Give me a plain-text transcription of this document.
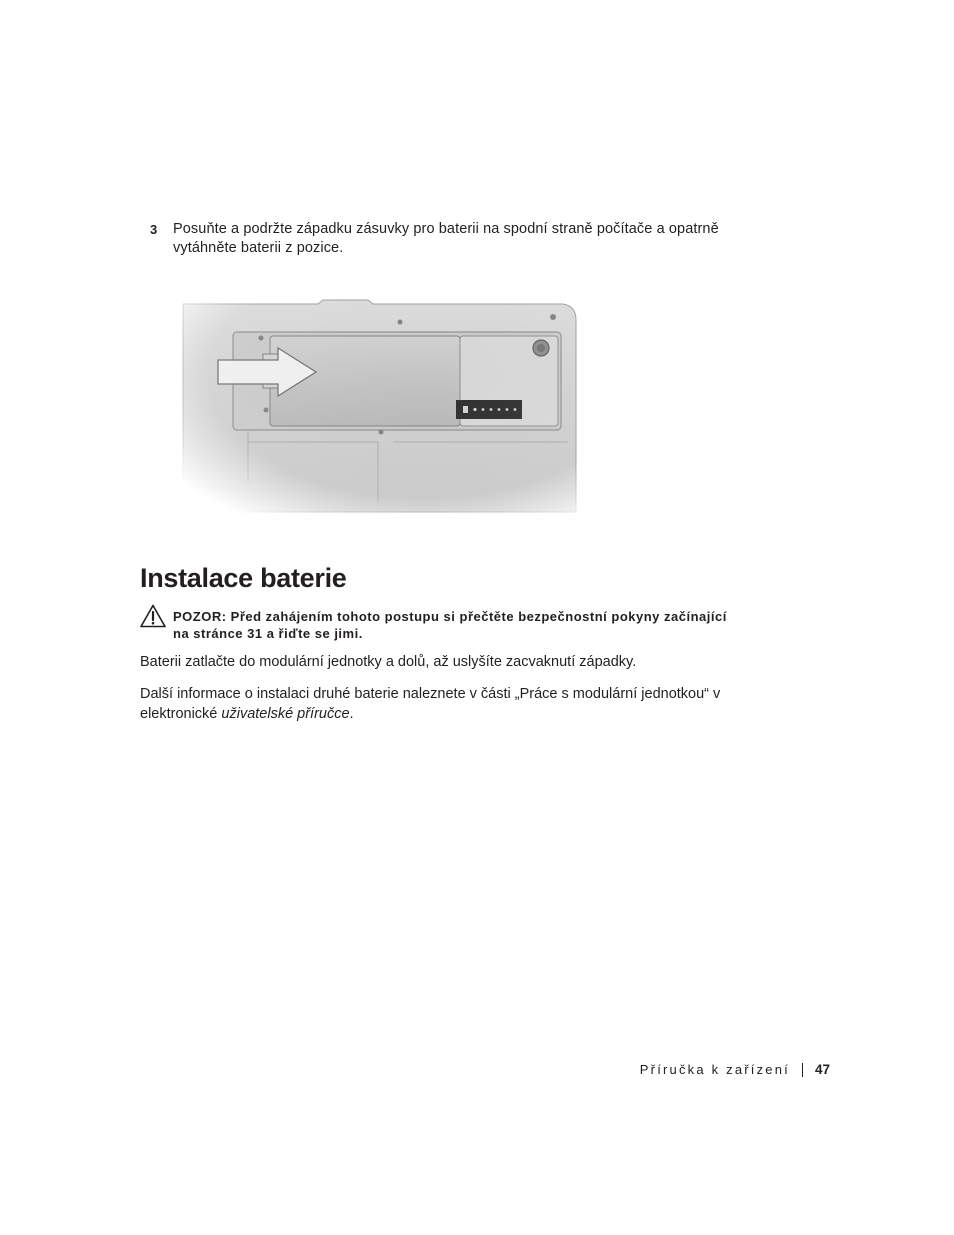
3 Posuňte a podržte západku zásuvky pro baterii na spodní straně počítače a opatrně vytáhněte baterii z pozice.
Instalace baterie
POZOR: Před zahájením tohoto postupu si přečtěte bezpečnostní pokyny začínající na stránce 31 a řiďte se jimi.

Baterii zatlačte do modulární jednotky a dolů, až uslyšíte zacvaknutí západky.

Další informace o instalaci druhé baterie naleznete v části „Práce s modulární jednotkou“ v elektronické uživatelské příručce.

Příručka k zařízení 47
